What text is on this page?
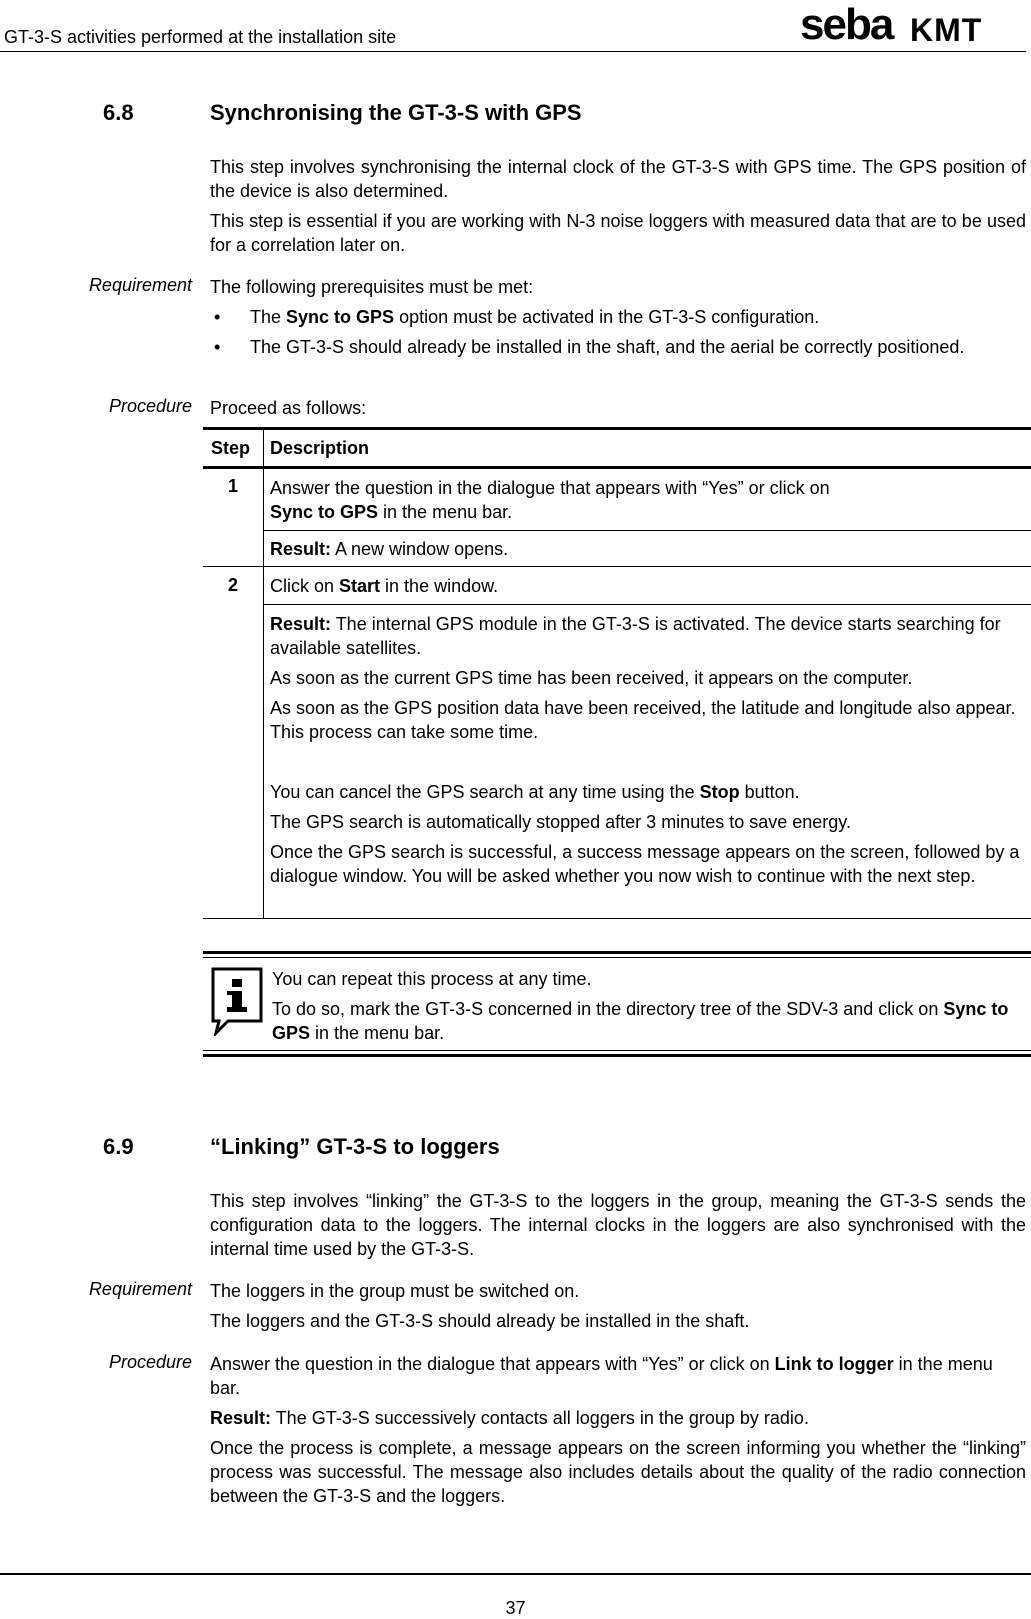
GT-3-S activities performed at the installation site	seba KMT
6.8	Synchronising the GT-3-S with GPS
This step involves synchronising the internal clock of the GT-3-S with GPS time. The GPS position of the device is also determined.
This step is essential if you are working with N-3 noise loggers with measured data that are to be used for a correlation later on.
Requirement The following prerequisites must be met:
• The Sync to GPS option must be activated in the GT-3-S configuration.
• The GT-3-S should already be installed in the shaft, and the aerial be correctly positioned.
Procedure Proceed as follows:
Step Description
1	Answer the question in the dialogue that appears with “Yes” or click on
Sync to GPS in the menu bar.
Result: A new window opens.
2	Click on Start in the window.
Result: The internal GPS module in the GT-3-S is activated. The device starts searching for available satellites.
As soon as the current GPS time has been received, it appears on the computer.
As soon as the GPS position data have been received, the latitude and longitude also appear. This process can take some time.
You can cancel the GPS search at any time using the Stop button.
The GPS search is automatically stopped after 3 minutes to save energy.
Once the GPS search is successful, a success message appears on the screen, followed by a dialogue window. You will be asked whether you now wish to continue with the next step.
You can repeat this process at any time.
To do so, mark the GT-3-S concerned in the directory tree of the SDV-3 and click on Sync to GPS in the menu bar.
6.9	“Linking” GT-3-S to loggers
This step involves “linking” the GT-3-S to the loggers in the group, meaning the GT-3-S sends the configuration data to the loggers. The internal clocks in the loggers are also synchronised with the internal time used by the GT-3-S.
Requirement The loggers in the group must be switched on.
The loggers and the GT-3-S should already be installed in the shaft.
Procedure Answer the question in the dialogue that appears with “Yes” or click on Link to logger in the menu bar.
Result: The GT-3-S successively contacts all loggers in the group by radio.
Once the process is complete, a message appears on the screen informing you whether the “linking” process was successful. The message also includes details about the quality of the radio connection between the GT-3-S and the loggers.
37
